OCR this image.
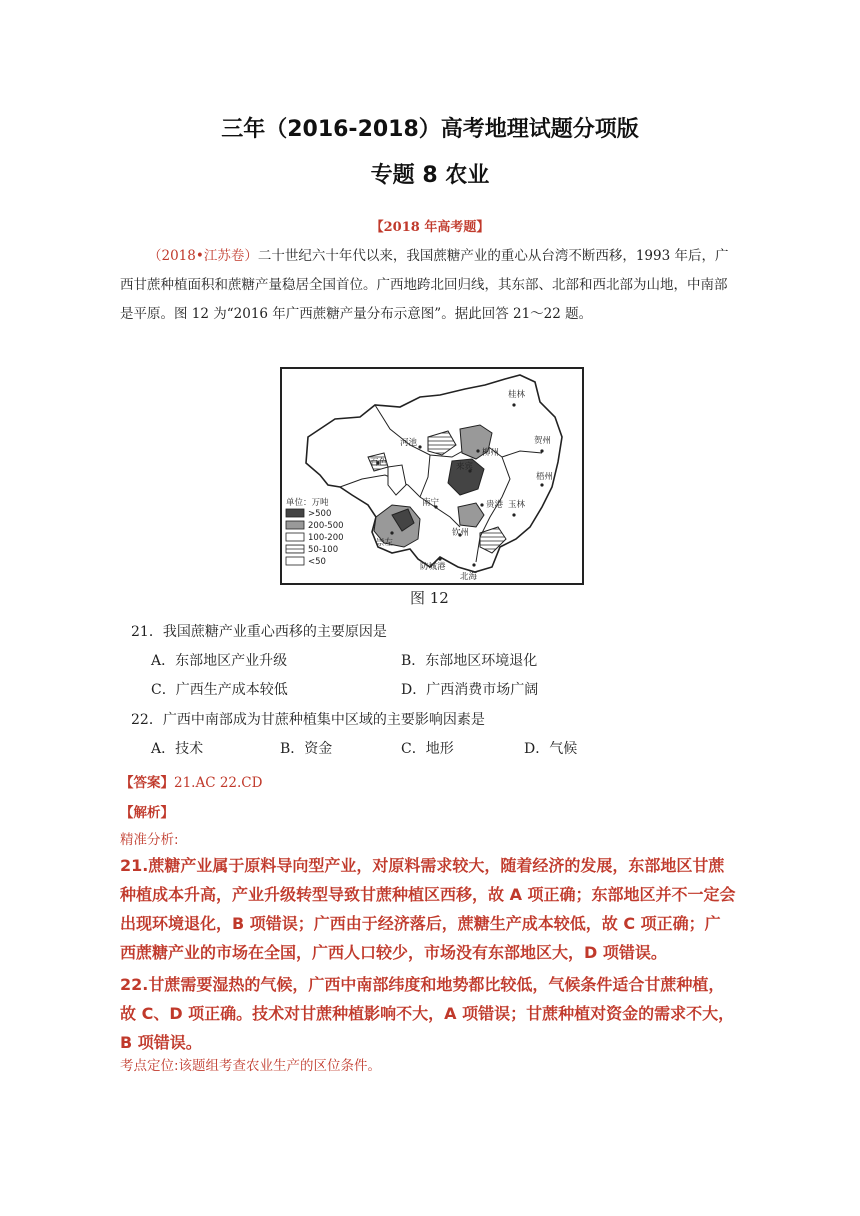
三年（2016-2018）高考地理试题分项版
专题 8 农业
【2018 年高考题】
（2018•江苏卷）二十世纪六十年代以来，我国蔗糖产业的重心从台湾不断西移，1993 年后，广西甘蔗种植面积和蔗糖产量稳居全国首位。广西地跨北回归线，其东部、北部和西北部为山地，中南部是平原。图 12 为“2016 年广西蔗糖产量分布示意图”。据此回答 21～22 题。
桂林
河池
柳州
贺州
百色	来宾
梧州
南宁	贵港 玉林
崇左
钦州
防城港
北海
单位：万吨
>500
200-500
100-200
50-100
<50
图 12
21．我国蔗糖产业重心西移的主要原因是
A．东部地区产业升级	B．东部地区环境退化
C．广西生产成本较低	D．广西消费市场广阔
22．广西中南部成为甘蔗种植集中区域的主要影响因素是
A．技术	B．资金	C．地形	D．气候
【答案】21.AC 22.CD
【解析】
精准分析:
21.蔗糖产业属于原料导向型产业，对原料需求较大，随着经济的发展，东部地区甘蔗种植成本升高，产业升级转型导致甘蔗种植区西移，故 A 项正确；东部地区并不一定会出现环境退化，B 项错误；广西由于经济落后，蔗糖生产成本较低，故 C 项正确；广西蔗糖产业的市场在全国，广西人口较少，市场没有东部地区大，D 项错误。
22.甘蔗需要湿热的气候，广西中南部纬度和地势都比较低，气候条件适合甘蔗种植，故 C、D 项正确。技术对甘蔗种植影响不大，A 项错误；甘蔗种植对资金的需求不大，B 项错误。
考点定位:该题组考查农业生产的区位条件。
